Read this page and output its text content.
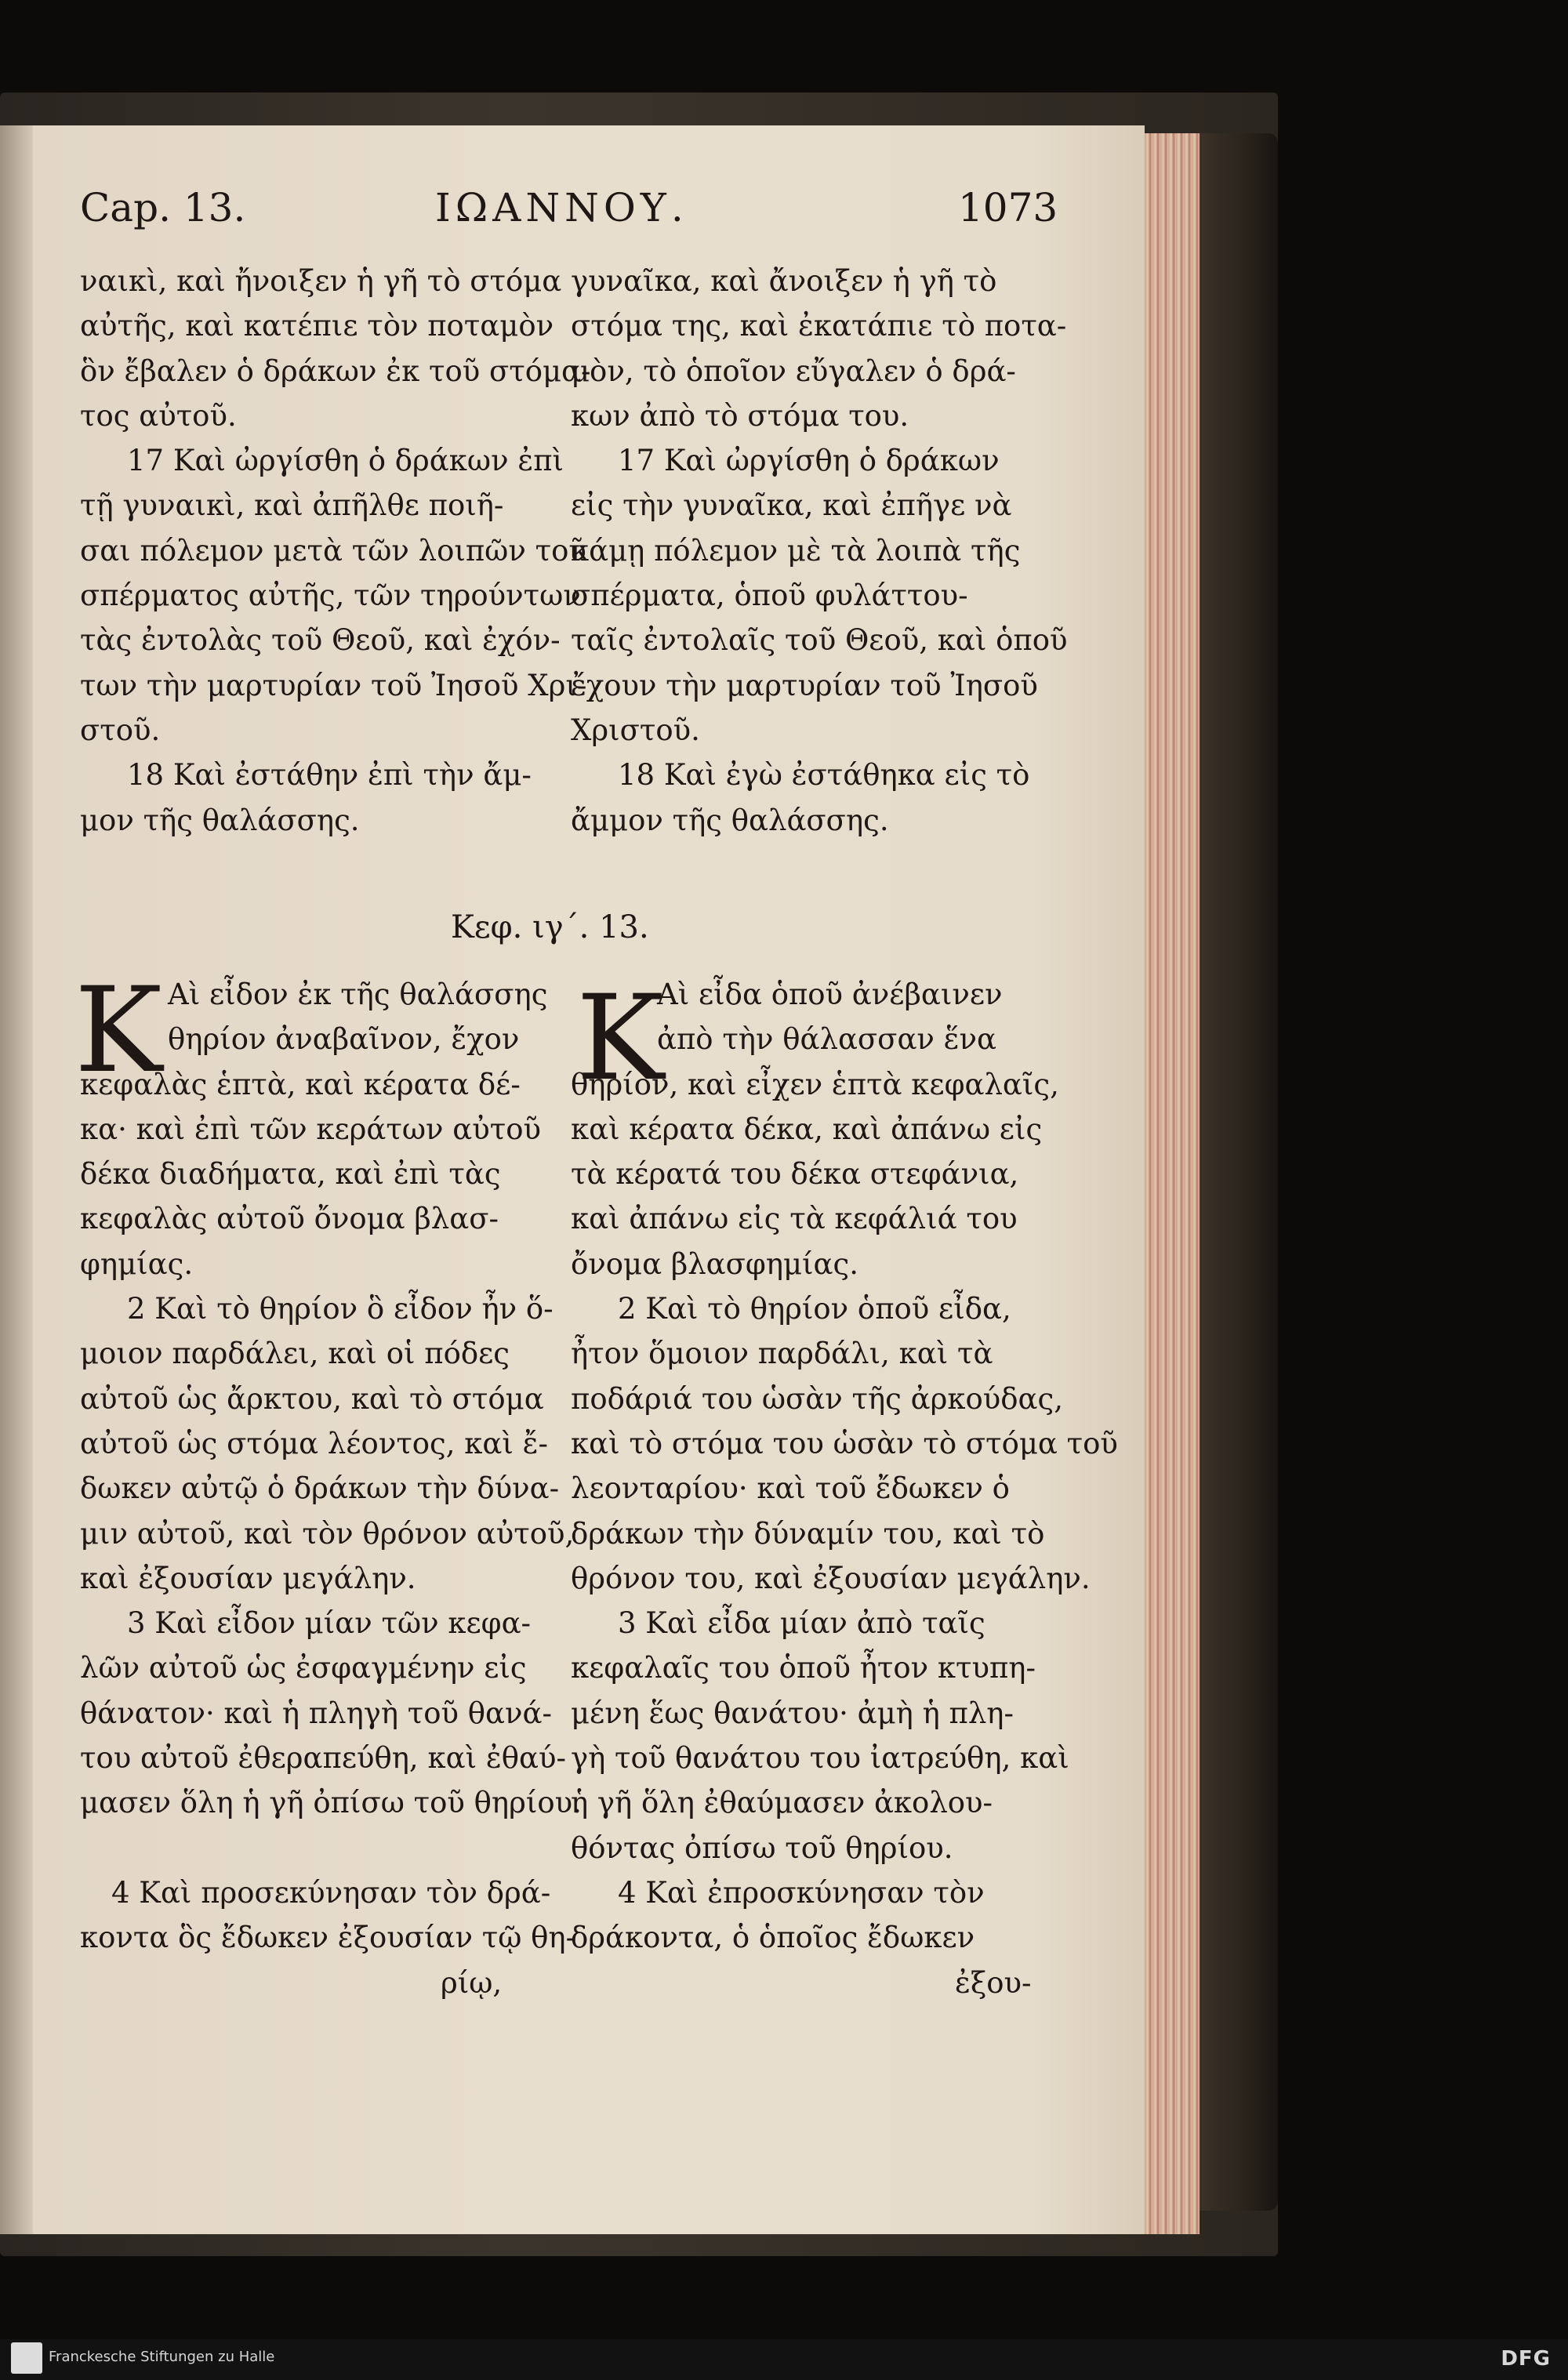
Cap. 13.	ΙΩΑΝΝΟΥ.	1073
ναικὶ, καὶ ἤνοιξεν ἡ γῆ τὸ στόμα
αὐτῆς, καὶ κατέπιε τὸν ποταμὸν
ὃν ἔβαλεν ὁ δράκων ἐκ τοῦ στόμα-
τος αὐτοῦ.
17 Καὶ ὠργίσθη ὁ δράκων ἐπὶ
τῇ γυναικὶ, καὶ ἀπῆλθε ποιῆ-
σαι πόλεμον μετὰ τῶν λοιπῶν τοῦ
σπέρματος αὐτῆς, τῶν τηρούντων
τὰς ἐντολὰς τοῦ Θεοῦ, καὶ ἐχόν-
των τὴν μαρτυρίαν τοῦ Ἰησοῦ Χρι-
στοῦ.
18 Καὶ ἐστάθην ἐπὶ τὴν ἄμ-
μον τῆς θαλάσσης.
γυναῖκα, καὶ ἄνοιξεν ἡ γῆ τὸ
στόμα της, καὶ ἐκατάπιε τὸ ποτα-
μὸν, τὸ ὁποῖον εὔγαλεν ὁ δρά-
κων ἀπὸ τὸ στόμα του.
17 Καὶ ὠργίσθη ὁ δράκων
εἰς τὴν γυναῖκα, καὶ ἐπῆγε νὰ
κάμῃ πόλεμον μὲ τὰ λοιπὰ τῆς
σπέρματα, ὁποῦ φυλάττου-
ταῖς ἐντολαῖς τοῦ Θεοῦ, καὶ ὁποῦ
ἔχουν τὴν μαρτυρίαν τοῦ Ἰησοῦ
Χριστοῦ.
18 Καὶ ἐγὼ ἐστάθηκα εἰς τὸ
ἄμμον τῆς θαλάσσης.
Κεφ. ιγ΄. 13.
Κ	Κ
Αὶ εἶδον ἐκ τῆς θαλάσσης
θηρίον ἀναβαῖνον, ἔχον
κεφαλὰς ἑπτὰ, καὶ κέρατα δέ-
κα· καὶ ἐπὶ τῶν κεράτων αὐτοῦ
δέκα διαδήματα, καὶ ἐπὶ τὰς
κεφαλὰς αὐτοῦ ὄνομα βλασ-
φημίας.
2 Καὶ τὸ θηρίον ὃ εἶδον ἦν ὅ-
μοιον παρδάλει, καὶ οἱ πόδες
αὐτοῦ ὡς ἄρκτου, καὶ τὸ στόμα
αὐτοῦ ὡς στόμα λέοντος, καὶ ἔ-
δωκεν αὐτῷ ὁ δράκων τὴν δύνα-
μιν αὐτοῦ, καὶ τὸν θρόνον αὐτοῦ,
καὶ ἐξουσίαν μεγάλην.
3 Καὶ εἶδον μίαν τῶν κεφα-
λῶν αὐτοῦ ὡς ἐσφαγμένην εἰς
θάνατον· καὶ ἡ πληγὴ τοῦ θανά-
του αὐτοῦ ἐθεραπεύθη, καὶ ἐθαύ-
μασεν ὅλη ἡ γῆ ὀπίσω τοῦ θηρίου.
4 Καὶ προσεκύνησαν τὸν δρά-
κοντα ὃς ἔδωκεν ἐξουσίαν τῷ θη-
ρίῳ,
Αὶ εἶδα ὁποῦ ἀνέβαινεν
ἀπὸ τὴν θάλασσαν ἕνα
θηρίον, καὶ εἶχεν ἑπτὰ κεφαλαῖς,
καὶ κέρατα δέκα, καὶ ἀπάνω εἰς
τὰ κέρατά του δέκα στεφάνια,
καὶ ἀπάνω εἰς τὰ κεφάλιά του
ὄνομα βλασφημίας.
2 Καὶ τὸ θηρίον ὁποῦ εἶδα,
ἦτον ὅμοιον παρδάλι, καὶ τὰ
ποδάριά του ὡσὰν τῆς ἀρκούδας,
καὶ τὸ στόμα του ὡσὰν τὸ στόμα τοῦ
λεονταρίου· καὶ τοῦ ἔδωκεν ὁ
δράκων τὴν δύναμίν του, καὶ τὸ
θρόνον του, καὶ ἐξουσίαν μεγάλην.
3 Καὶ εἶδα μίαν ἀπὸ ταῖς
κεφαλαῖς του ὁποῦ ἦτον κτυπη-
μένη ἕως θανάτου· ἀμὴ ἡ πλη-
γὴ τοῦ θανάτου του ἰατρεύθη, καὶ
ἡ γῆ ὅλη ἐθαύμασεν ἀκολου-
θόντας ὀπίσω τοῦ θηρίου.
4 Καὶ ἐπροσκύνησαν τὸν
δράκοντα, ὁ ὁποῖος ἔδωκεν
ἐξου-
Franckesche Stiftungen zu Halle	DFG
